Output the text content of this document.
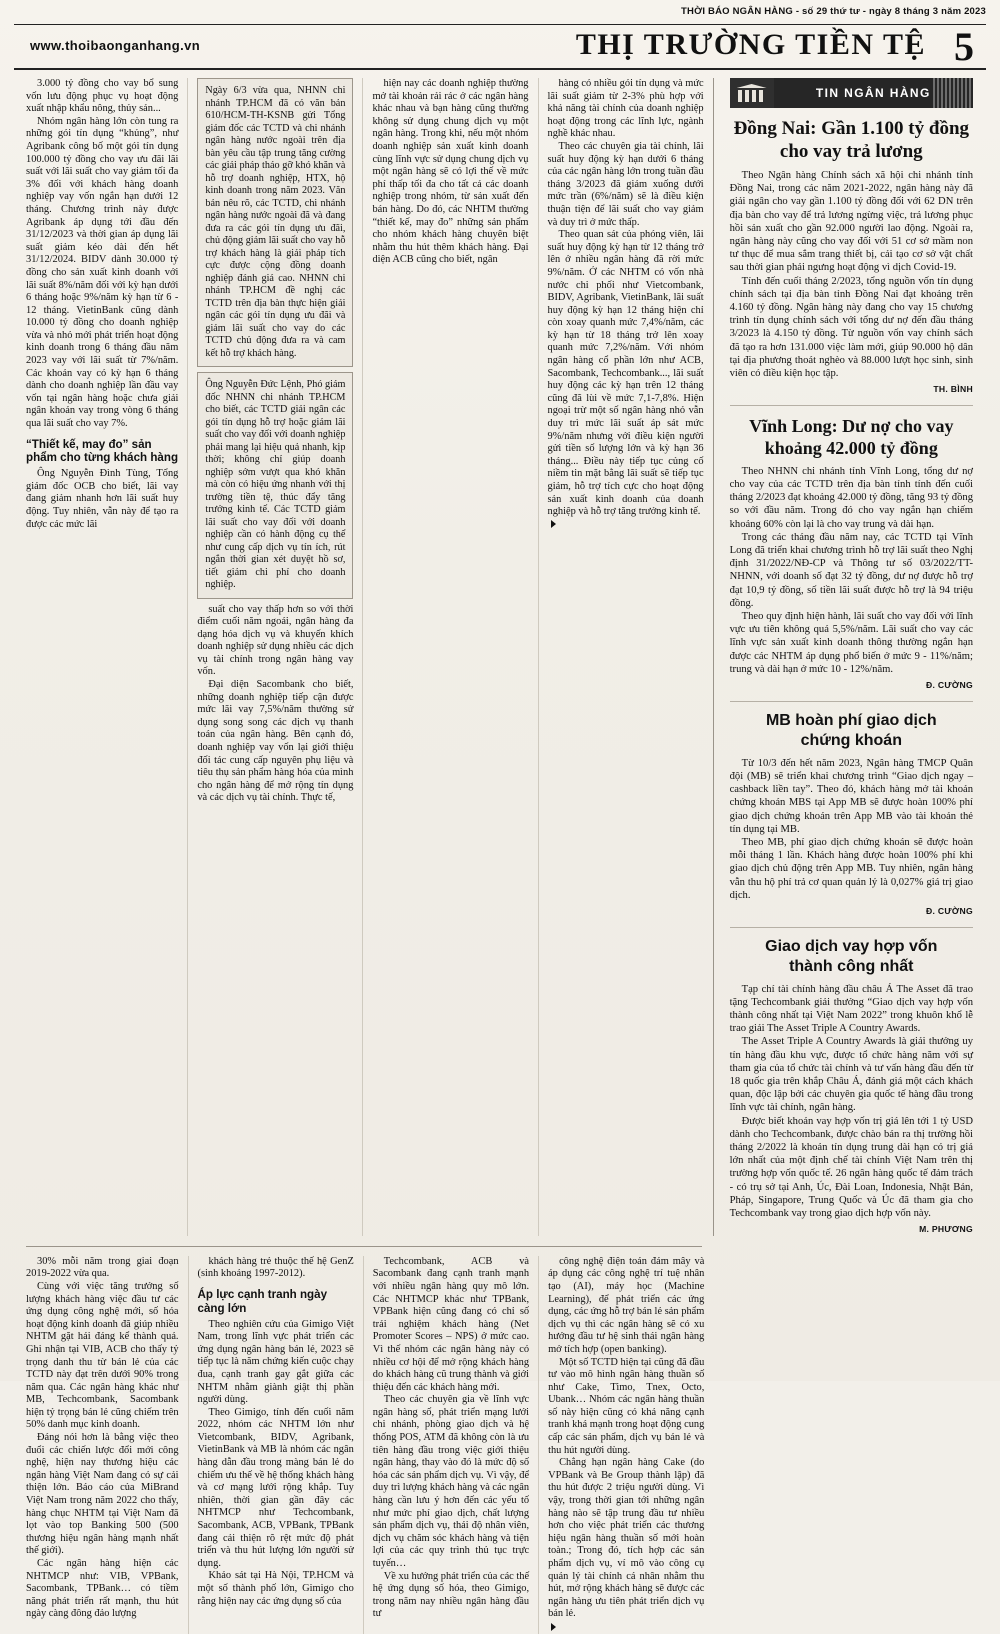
THỜI BÁO NGÂN HÀNG - số 29 thứ tư - ngày 8 tháng 3 năm 2023
www.thoibaonganhang.vn	THỊ TRƯỜNG TIỀN TỆ 5

3.000 tỷ đồng cho vay bổ sung vốn lưu động phục vụ hoạt động xuất nhập khẩu nông, thủy sản...

Nhóm ngân hàng lớn còn tung ra những gói tín dụng “khủng”, như Agribank công bố một gói tín dụng 100.000 tỷ đồng cho vay ưu đãi lãi suất với lãi suất cho vay giảm tối đa 3% đối với khách hàng doanh nghiệp vay vốn ngắn hạn dưới 12 tháng. Chương trình này được Agribank áp dụng tới đầu đến 31/12/2023 và thời gian áp dụng lãi suất giảm kéo dài đến hết 31/12/2024. BIDV dành 30.000 tỷ đồng cho sản xuất kinh doanh với lãi suất 8%/năm đối với kỳ hạn dưới 6 tháng hoặc 9%/năm kỳ hạn từ 6 - 12 tháng. VietinBank cũng dành 10.000 tỷ đồng cho doanh nghiệp vừa và nhỏ mới phát triển hoạt động kinh doanh trong 6 tháng đầu năm 2023 vay với lãi suất từ 7%/năm. Các khoản vay có kỳ hạn 6 tháng dành cho doanh nghiệp lần đầu vay vốn tại ngân hàng hoặc chưa giải ngân khoản vay trong vòng 6 tháng qua lãi suất cho vay 7%.

“Thiết kế, may đo” sản phẩm cho từng khách hàng

Ông Nguyễn Đình Tùng, Tổng giám đốc OCB cho biết, lãi vay đang giảm nhanh hơn lãi suất huy động. Tuy nhiên, vẫn này để tạo ra được các mức lãi

Ngày 6/3 vừa qua, NHNN chi nhánh TP.HCM đã có văn bản 610/HCM-TH-KSNB gửi Tổng giám đốc các TCTD và chi nhánh ngân hàng nước ngoài trên địa bàn yêu cầu tập trung tăng cường các giải pháp tháo gỡ khó khăn và hỗ trợ doanh nghiệp, HTX, hộ kinh doanh trong năm 2023. Văn bản nêu rõ, các TCTD, chi nhánh ngân hàng nước ngoài đã và đang đưa ra các gói tín dụng ưu đãi, chủ động giảm lãi suất cho vay hỗ trợ khách hàng là giải pháp tích cực được cộng đồng doanh nghiệp đánh giá cao. NHNN chi nhánh TP.HCM đề nghị các TCTD trên địa bàn thực hiện giải ngân các gói tín dụng ưu đãi và giảm lãi suất cho vay do các TCTD chủ động đưa ra và cam kết hỗ trợ khách hàng.

Ông Nguyễn Đức Lệnh, Phó giám đốc NHNN chi nhánh TP.HCM cho biết, các TCTD giải ngân các gói tín dụng hỗ trợ hoặc giảm lãi suất cho vay đối với doanh nghiệp phải mang lại hiệu quả nhanh, kịp thời; không chỉ giúp doanh nghiệp sớm vượt qua khó khăn mà còn có hiệu ứng nhanh với thị trường tiền tệ, thúc đẩy tăng trưởng kinh tế. Các TCTD giảm lãi suất cho vay đối với doanh nghiệp cần có hành động cụ thể như cung cấp dịch vụ tín ích, rút ngắn thời gian xét duyệt hồ sơ, tiết giảm chi phí cho doanh nghiệp.

suất cho vay thấp hơn so với thời điểm cuối năm ngoái, ngân hàng đa dạng hóa dịch vụ và khuyến khích doanh nghiệp sử dụng nhiều các dịch vụ tài chính trong ngân hàng vay vốn.

Đại diện Sacombank cho biết, những doanh nghiệp tiếp cận được mức lãi vay 7,5%/năm thường sử dụng song song các dịch vụ thanh toán của ngân hàng. Bên cạnh đó, doanh nghiệp vay vốn lại giới thiệu đối tác cung cấp nguyên phụ liệu và tiêu thụ sản phẩm hàng hóa của mình cho ngân hàng để mở rộng tín dụng và các dịch vụ tài chính. Thực tế,

hiện nay các doanh nghiệp thường mở tài khoản rải rác ở các ngân hàng khác nhau và bạn hàng cũng thường không sử dụng chung dịch vụ một ngân hàng. Trong khi, nếu một nhóm doanh nghiệp sản xuất kinh doanh cùng lĩnh vực sử dụng chung dịch vụ một ngân hàng sẽ có lợi thế về mức phí thấp tối đa cho tất cả các doanh nghiệp trong nhóm, từ sản xuất đến bán hàng. Do đó, các NHTM thường “thiết kế, may đo” những sản phẩm cho nhóm khách hàng chuyên biệt nhằm thu hút thêm khách hàng. Đại diện ACB cũng cho biết, ngân

hàng có nhiều gói tín dụng và mức lãi suất giảm từ 2-3% phù hợp với khả năng tài chính của doanh nghiệp hoạt động trong các lĩnh lực, ngành nghề khác nhau.

Theo các chuyên gia tài chính, lãi suất huy động kỳ hạn dưới 6 tháng của các ngân hàng lớn trong tuần đầu tháng 3/2023 đã giảm xuống dưới mức trần (6%/năm) sẽ là điều kiện thuận tiện để lãi suất cho vay giảm và duy trì ở mức thấp.

Theo quan sát của phóng viên, lãi suất huy động kỳ hạn từ 12 tháng trở lên ở nhiều ngân hàng đã rời mức 9%/năm. Ở các NHTM có vốn nhà nước chi phối như Vietcombank, BIDV, Agribank, VietinBank, lãi suất huy động kỳ hạn 12 tháng hiện chỉ còn xoay quanh mức 7,4%/năm, các kỳ hạn từ 18 tháng trở lên xoay quanh mức 7,2%/năm. Với nhóm ngân hàng cổ phần lớn như ACB, Sacombank, Techcombank..., lãi suất huy động các kỳ hạn trên 12 tháng cũng đã lùi về mức 7,1-7,8%. Hiện ngoại trừ một số ngân hàng nhỏ vẫn duy trì mức lãi suất áp sát mức 9%/năm nhưng với điều kiện người gửi tiền số lượng lớn và kỳ hạn 36 tháng... Điều này tiếp tục củng cố niềm tin mặt bằng lãi suất sẽ tiếp tục giảm, hỗ trợ tích cực cho hoạt động sản xuất kinh doanh của doanh nghiệp và hỗ trợ tăng trưởng kinh tế.

TIN NGÂN HÀNG
Đồng Nai: Gần 1.100 tỷ đồng
cho vay trả lương

Theo Ngân hàng Chính sách xã hội chi nhánh tỉnh Đồng Nai, trong các năm 2021-2022, ngân hàng này đã giải ngân cho vay gần 1.100 tỷ đồng đối với 62 DN trên địa bàn cho vay để trả lương ngừng việc, trả lương phục hồi sản xuất cho gần 92.000 người lao động. Ngoài ra, ngân hàng này cũng cho vay đối với 51 cơ sở mầm non tư thục để mua sắm trang thiết bị, cải tạo cơ sở vật chất sau thời gian phải ngưng hoạt động vì dịch Covid-19.

Tính đến cuối tháng 2/2023, tổng nguồn vốn tín dụng chính sách tại địa bàn tỉnh Đồng Nai đạt khoảng trên 4.160 tỷ đồng. Ngân hàng này đang cho vay 15 chương trình tín dụng chính sách với tổng dư nợ đến đầu tháng 3/2023 là 4.150 tỷ đồng. Từ nguồn vốn vay chính sách đã tạo ra hơn 131.000 việc làm mới, giúp 90.000 hộ dân tại địa phương thoát nghèo và 88.000 lượt học sinh, sinh viên có điều kiện học tập.

TH. BÌNH
Vĩnh Long: Dư nợ cho vay
khoảng 42.000 tỷ đồng

Theo NHNN chi nhánh tỉnh Vĩnh Long, tổng dư nợ cho vay của các TCTD trên địa bàn tỉnh tính đến cuối tháng 2/2023 đạt khoảng 42.000 tỷ đồng, tăng 93 tỷ đồng so với đầu năm. Trong đó cho vay ngắn hạn chiếm khoảng 60% còn lại là cho vay trung và dài hạn.

Trong các tháng đầu năm nay, các TCTD tại Vĩnh Long đã triển khai chương trình hỗ trợ lãi suất theo Nghị định 31/2022/NĐ-CP và Thông tư số 03/2022/TT-NHNN, với doanh số đạt 32 tỷ đồng, dư nợ được hỗ trợ đạt 10,9 tỷ đồng, số tiền lãi suất được hỗ trợ là 94 triệu đồng.

Theo quy định hiện hành, lãi suất cho vay đối với lĩnh vực ưu tiên không quá 5,5%/năm. Lãi suất cho vay các lĩnh vực sản xuất kinh doanh thông thường ngắn hạn được các NHTM áp dụng phổ biến ở mức 9 - 11%/năm; trung và dài hạn ở mức 10 - 12%/năm.

Đ. CƯỜNG
MB hoàn phí giao dịch
chứng khoán

Từ 10/3 đến hết năm 2023, Ngân hàng TMCP Quân đội (MB) sẽ triển khai chương trình “Giao dịch ngay – cashback liền tay”. Theo đó, khách hàng mở tài khoản chứng khoán MBS tại App MB sẽ được hoàn 100% phí giao dịch chứng khoán trên App MB vào tài khoản thẻ tín dụng tại MB.

Theo MB, phí giao dịch chứng khoán sẽ được hoàn mỗi tháng 1 lần. Khách hàng được hoàn 100% phí khi giao dịch chủ động trên App MB. Tuy nhiên, ngân hàng vẫn thu hộ phí trả cơ quan quản lý là 0,027% giá trị giao dịch.

Đ. CƯỜNG
Giao dịch vay hợp vốn
thành công nhất

Tạp chí tài chính hàng đầu châu Á The Asset đã trao tặng Techcombank giải thưởng “Giao dịch vay hợp vốn thành công nhất tại Việt Nam 2022” trong khuôn khổ lễ trao giải The Asset Triple A Country Awards.

The Asset Triple A Country Awards là giải thưởng uy tín hàng đầu khu vực, được tổ chức hàng năm với sự tham gia của tổ chức tài chính và tư vấn hàng đầu đến từ 18 quốc gia trên khắp Châu Á, đánh giá một cách khách quan, độc lập bởi các chuyên gia quốc tế hàng đầu trong lĩnh vực tài chính, ngân hàng.

Được biết khoản vay hợp vốn trị giá lên tới 1 tỷ USD dành cho Techcombank, được chào bán ra thị trường hồi tháng 2/2022 là khoản tín dụng trung dài hạn có trị giá lớn nhất của một định chế tài chính Việt Nam trên thị trường hợp vốn quốc tế. 26 ngân hàng quốc tế đảm trách - có trụ sở tại Anh, Úc, Đài Loan, Indonesia, Nhật Bản, Pháp, Singapore, Trung Quốc và Úc đã tham gia cho Techcombank vay trong giao dịch hợp vốn này.

M. PHƯƠNG

30% mỗi năm trong giai đoạn 2019-2022 vừa qua.

Cùng với việc tăng trưởng số lượng khách hàng việc đầu tư các ứng dụng công nghệ mới, số hóa hoạt động kinh doanh đã giúp nhiều NHTM gặt hái đáng kể thành quả. Ghi nhận tại VIB, ACB cho thấy tỷ trọng danh thu từ bán lẻ của các TCTD này đạt trên dưới 90% trong năm qua. Các ngân hàng khác như MB, Techcombank, Sacombank hiện tỷ trọng bán lẻ cũng chiếm trên 50% danh mục kinh doanh.

Đáng nói hơn là bằng việc theo đuổi các chiến lược đổi mới công nghệ, hiện nay thương hiệu các ngân hàng Việt Nam đang có sự cải thiện lớn. Báo cáo của MiBrand Việt Nam trong năm 2022 cho thấy, hàng chục NHTM tại Việt Nam đã lọt vào top Banking 500 (500 thương hiệu ngân hàng mạnh nhất thế giới).

Các ngân hàng hiện các NHTMCP như: VIB, VPBank, Sacombank, TPBank… có tiềm năng phát triển rất mạnh, thu hút ngày càng đông đảo lượng

khách hàng trẻ thuộc thế hệ GenZ (sinh khoảng 1997-2012).

Áp lực cạnh tranh ngày càng lớn

Theo nghiên cứu của Gimigo Việt Nam, trong lĩnh vực phát triển các ứng dụng ngân hàng bán lẻ, 2023 sẽ tiếp tục là năm chứng kiến cuộc chạy đua, cạnh tranh gay gắt giữa các NHTM nhằm giành giật thị phần người dùng.

Theo Gimigo, tính đến cuối năm 2022, nhóm các NHTM lớn như Vietcombank, BIDV, Agribank, VietinBank và MB là nhóm các ngân hàng dẫn đầu trong màng bán lẻ do chiếm ưu thế về hệ thống khách hàng và cơ mạng lưới rộng khắp. Tuy nhiên, thời gian gần đây các NHTMCP như Techcombank, Sacombank, ACB, VPBank, TPBank đang cải thiện rõ rệt mức độ phát triển và thu hút lượng lớn người sử dụng.

Khảo sát tại Hà Nội, TP.HCM và một số thành phố lớn, Gimigo cho rằng hiện nay các ứng dụng số của

Techcombank, ACB và Sacombank đang cạnh tranh mạnh với nhiều ngân hàng quy mô lớn. Các NHTMCP khác như TPBank, VPBank hiện cũng đang có chỉ số trải nghiệm khách hàng (Net Promoter Scores – NPS) ở mức cao. Vì thế nhóm các ngân hàng này có nhiều cơ hội để mở rộng khách hàng do khách hàng cũ trung thành và giới thiệu đến các khách hàng mới.

Theo các chuyên gia về lĩnh vực ngân hàng số, phát triển mạng lưới chi nhánh, phòng giao dịch và hệ thống POS, ATM đã không còn là ưu tiên hàng đầu trong việc giới thiệu ngân hàng, thay vào đó là mức độ số hóa các sản phẩm dịch vụ. Vì vậy, để duy trì lượng khách hàng và các ngân hàng cần lưu ý hơn đến các yếu tố như mức phí giao dịch, chất lượng sản phẩm dịch vụ, thái độ nhân viên, dịch vụ chăm sóc khách hàng và tiện lợi của các quy trình thủ tục trực tuyến…

Về xu hướng phát triển của các thế hệ ứng dụng số hóa, theo Gimigo, trong năm nay nhiều ngân hàng đầu tư

công nghệ điện toán đám mây và áp dụng các công nghệ trí tuệ nhân tạo (AI), máy học (Machine Learning), để phát triển các ứng dụng, các ứng hỗ trợ bán lẻ sản phẩm dịch vụ thì các ngân hàng sẽ có xu hướng đầu tư hệ sinh thái ngân hàng mở tích hợp (open banking).

Một số TCTD hiện tại cũng đã đầu tư vào mô hình ngân hàng thuần số như Cake, Timo, Tnex, Octo, Ubank… Nhóm các ngân hàng thuần số này hiện cũng có khả năng cạnh tranh khá mạnh trong hoạt động cung cấp các sản phẩm, dịch vụ bán lẻ và thu hút người dùng.

Chẳng hạn ngân hàng Cake (do VPBank và Be Group thành lập) đã thu hút được 2 triệu người dùng. Vì vậy, trong thời gian tới những ngân hàng nào sẽ tập trung đầu tư nhiều hơn cho việc phát triển các thương hiệu ngân hàng thuần số mới hoàn toàn.; Trong đó, tích hợp các sản phẩm dịch vụ, ví mô vào công cụ quản lý tài chính cá nhân nhằm thu hút, mở rộng khách hàng sẽ được các ngân hàng ưu tiên phát triển dịch vụ bán lẻ.
